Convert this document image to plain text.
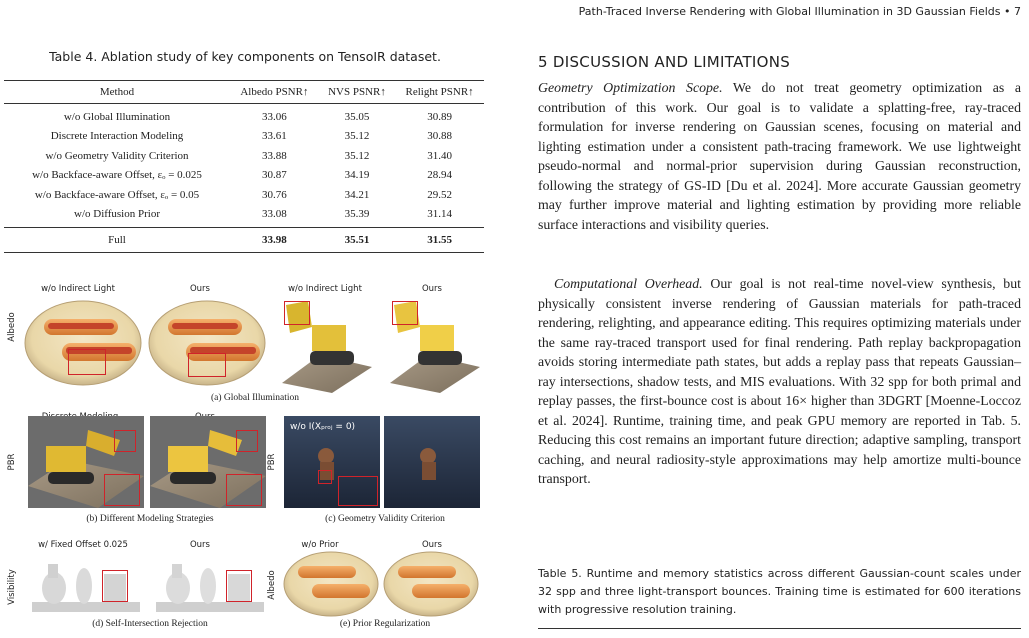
Path-Traced Inverse Rendering with Global Illumination in 3D Gaussian Fields • 7
Table 4. Ablation study of key components on TensoIR dataset.
Method	Albedo PSNR↑	NVS PSNR↑	Relight PSNR↑
w/o Global Illumination	33.06	35.05	30.89
Discrete Interaction Modeling	33.61	35.12	30.88
w/o Geometry Validity Criterion	33.88	35.12	31.40
w/o Backface-aware Offset, εₒ = 0.025	30.87	34.19	28.94
w/o Backface-aware Offset, εₒ = 0.05	30.76	34.21	29.52
w/o Diffusion Prior	33.08	35.39	31.14
Full	33.98	35.51	31.55
w/o Indirect Light	Ours	w/o Indirect Light	Ours
Albedo
(a) Global Illumination
PBR
(b) Different Modeling Strategies
PBR
w/o I(Xₚᵣₒⱼ = 0)
(c) Geometry Validity Criterion
w/ Fixed Offset 0.025	Ours
Visibility
(d) Self-Intersection Rejection
w/o Prior	Ours
Albedo
(e) Prior Regularization
5 DISCUSSION AND LIMITATIONS
Geometry Optimization Scope. We do not treat geometry optimization as a contribution of this work. Our goal is to validate a splatting-free, ray-traced formulation for inverse rendering on Gaussian scenes, focusing on material and lighting estimation under a consistent path-tracing framework. We use lightweight pseudo-normal and normal-prior supervision during Gaussian reconstruction, following the strategy of GS-ID [Du et al. 2024]. More accurate Gaussian geometry may further improve material and lighting estimation by providing more reliable surface interactions and visibility queries.
Computational Overhead. Our goal is not real-time novel-view synthesis, but physically consistent inverse rendering of Gaussian materials for path-traced rendering, relighting, and appearance editing. This requires optimizing materials under the same ray-traced transport used for final rendering. Path replay backpropagation avoids storing intermediate path states, but adds a replay pass that repeats Gaussian–ray intersections, shadow tests, and MIS evaluations. With 32 spp for both primal and replay passes, the first-bounce cost is about 16× higher than 3DGRT [Moenne-Loccoz et al. 2024]. Runtime, training time, and peak GPU memory are reported in Tab. 5. Reducing this cost remains an important future direction; adaptive sampling, transport caching, and neural radiosity-style approximations may help amortize multi-bounce transport.
Table 5. Runtime and memory statistics across different Gaussian-count scales under 32 spp and three light-transport bounces. Training time is estimated for 600 iterations with progressive resolution training.
